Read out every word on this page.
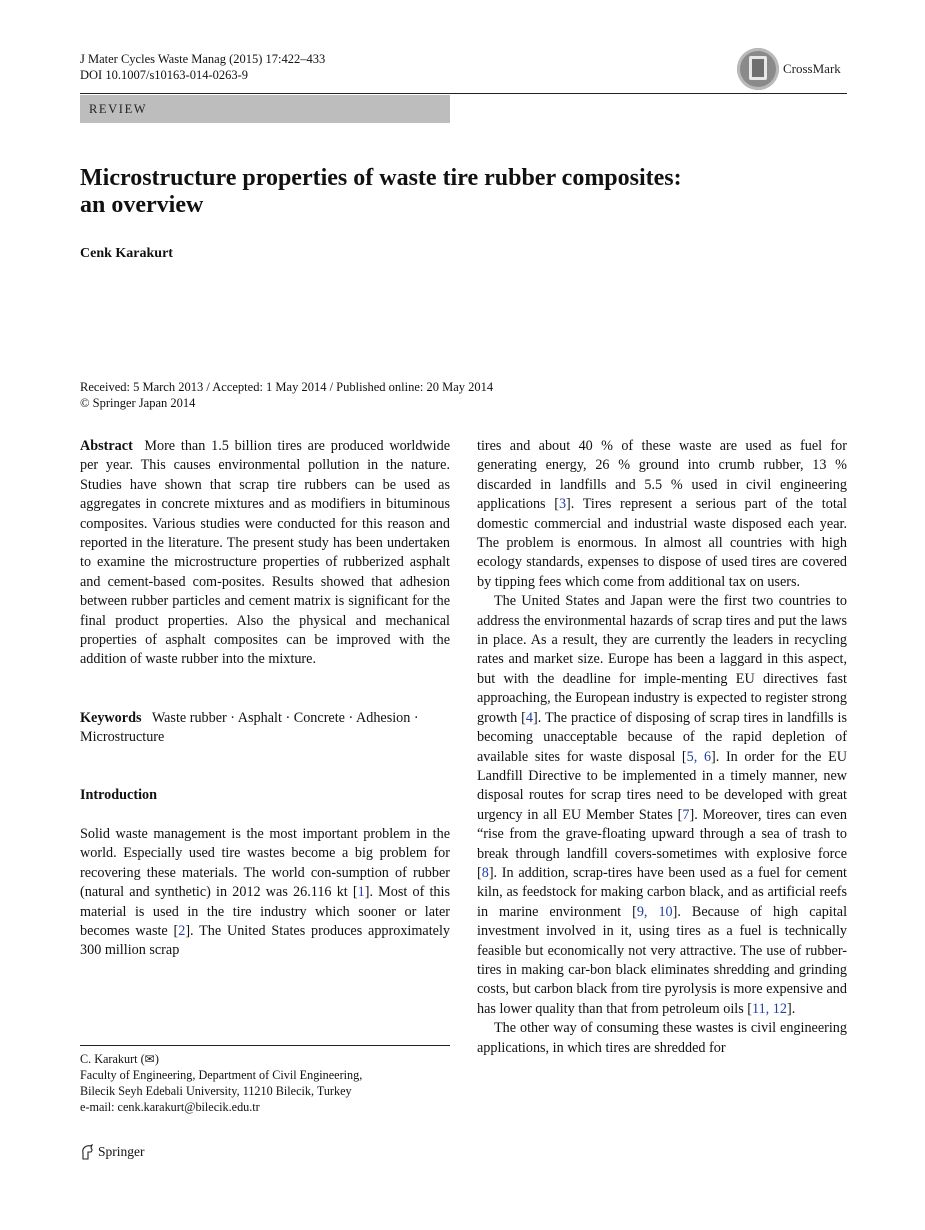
J Mater Cycles Waste Manag (2015) 17:422–433
DOI 10.1007/s10163-014-0263-9	CrossMark
REVIEW
Microstructure properties of waste tire rubber composites:
an overview
Cenk Karakurt
Received: 5 March 2013 / Accepted: 1 May 2014 / Published online: 20 May 2014
© Springer Japan 2014

Abstract More than 1.5 billion tires are produced worldwide per year. This causes environmental pollution in the nature. Studies have shown that scrap tire rubbers can be used as aggregates in concrete mixtures and as modifiers in bituminous composites. Various studies were conducted for this reason and reported in the literature. The present study has been undertaken to examine the microstructure properties of rubberized asphalt and cement-based com-posites. Results showed that adhesion between rubber particles and cement matrix is significant for the final product properties. Also the physical and mechanical properties of asphalt composites can be improved with the addition of waste rubber into the mixture.

Keywords Waste rubber · Asphalt · Concrete · Adhesion · Microstructure
Introduction

Solid waste management is the most important problem in the world. Especially used tire wastes become a big problem for recovering these materials. The world con-sumption of rubber (natural and synthetic) in 2012 was 26.116 kt [1]. Most of this material is used in the tire industry which sooner or later becomes waste [2]. The United States produces approximately 300 million scrap

tires and about 40 % of these waste are used as fuel for generating energy, 26 % ground into crumb rubber, 13 % discarded in landfills and 5.5 % used in civil engineering applications [3]. Tires represent a serious part of the total domestic commercial and industrial waste disposed each year. The problem is enormous. In almost all countries with high ecology standards, expenses to dispose of used tires are covered by tipping fees which come from additional tax on users.

The United States and Japan were the first two countries to address the environmental hazards of scrap tires and put the laws in place. As a result, they are currently the leaders in recycling rates and market size. Europe has been a laggard in this aspect, but with the deadline for imple-menting EU directives fast approaching, the European industry is expected to register strong growth [4]. The practice of disposing of scrap tires in landfills is becoming unacceptable because of the rapid depletion of available sites for waste disposal [5, 6]. In order for the EU Landfill Directive to be implemented in a timely manner, new disposal routes for scrap tires need to be developed with great urgency in all EU Member States [7]. Moreover, tires can even “rise from the grave-floating upward through a sea of trash to break through landfill covers-sometimes with explosive force [8]. In addition, scrap-tires have been used as a fuel for cement kiln, as feedstock for making carbon black, and as artificial reefs in marine environment [9, 10]. Because of high capital investment involved in it, using tires as a fuel is technically feasible but economically not very attractive. The use of rubber-tires in making car-bon black eliminates shredding and grinding costs, but carbon black from tire pyrolysis is more expensive and has lower quality than that from petroleum oils [11, 12].

The other way of consuming these wastes is civil engineering applications, in which tires are shredded for

C. Karakurt (✉)
Faculty of Engineering, Department of Civil Engineering,
Bilecik Seyh Edebali University, 11210 Bilecik, Turkey
e-mail: cenk.karakurt@bilecik.edu.tr
Springer
